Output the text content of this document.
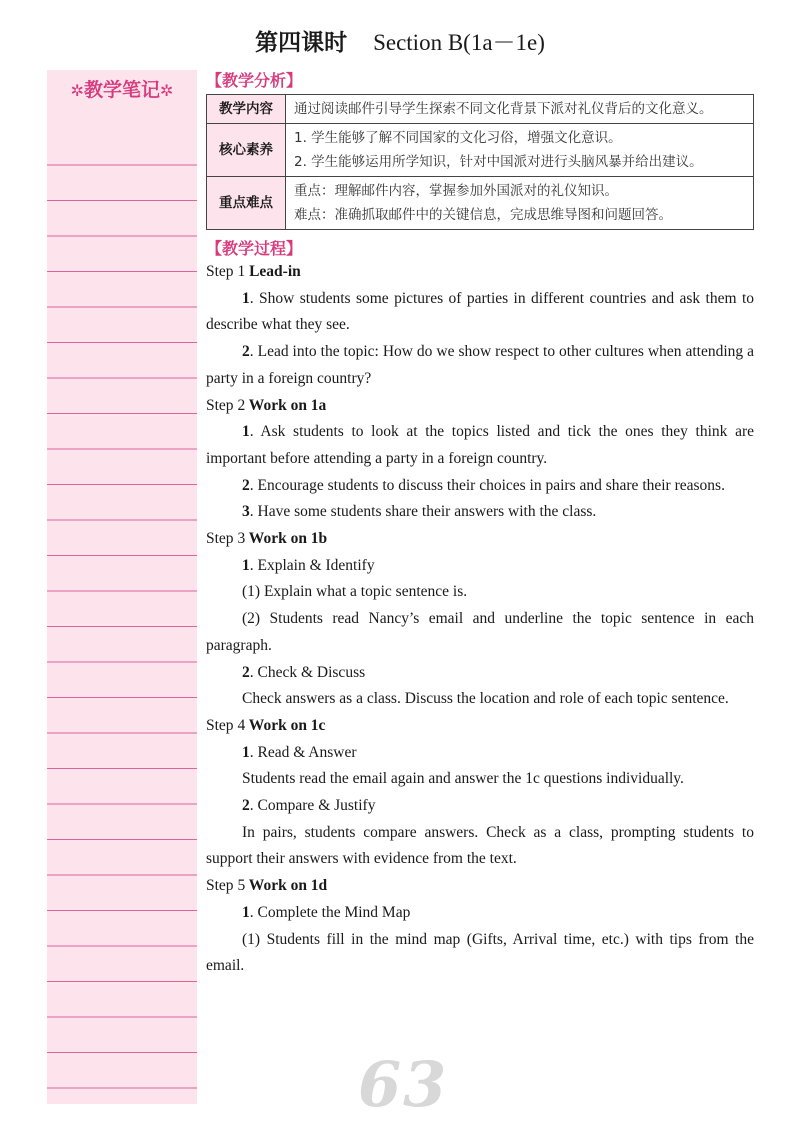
第四课时 Section B(1a－1e)
✲教学笔记✲
【教学分析】
教学内容	通过阅读邮件引导学生探索不同文化背景下派对礼仪背后的文化意义。

核心素养	1. 学生能够了解不同国家的文化习俗，增强文化意识。
2. 学生能够运用所学知识，针对中国派对进行头脑风暴并给出建议。

重点难点	重点：理解邮件内容，掌握参加外国派对的礼仪知识。
难点：准确抓取邮件中的关键信息，完成思维导图和问题回答。
【教学过程】

Step 1 Lead-in

1. Show students some pictures of parties in different countries and ask them to describe what they see.

2. Lead into the topic: How do we show respect to other cultures when attending a party in a foreign country?

Step 2 Work on 1a

1. Ask students to look at the topics listed and tick the ones they think are important before attending a party in a foreign country.

2. Encourage students to discuss their choices in pairs and share their reasons.

3. Have some students share their answers with the class.

Step 3 Work on 1b

1. Explain & Identify

(1) Explain what a topic sentence is.

(2) Students read Nancy’s email and underline the topic sentence in each paragraph.

2. Check & Discuss

Check answers as a class. Discuss the location and role of each topic sentence.

Step 4 Work on 1c

1. Read & Answer

Students read the email again and answer the 1c questions individually.

2. Compare & Justify

In pairs, students compare answers. Check as a class, prompting students to support their answers with evidence from the text.

Step 5 Work on 1d

1. Complete the Mind Map

(1) Students fill in the mind map (Gifts, Arrival time, etc.) with tips from the email.

63
